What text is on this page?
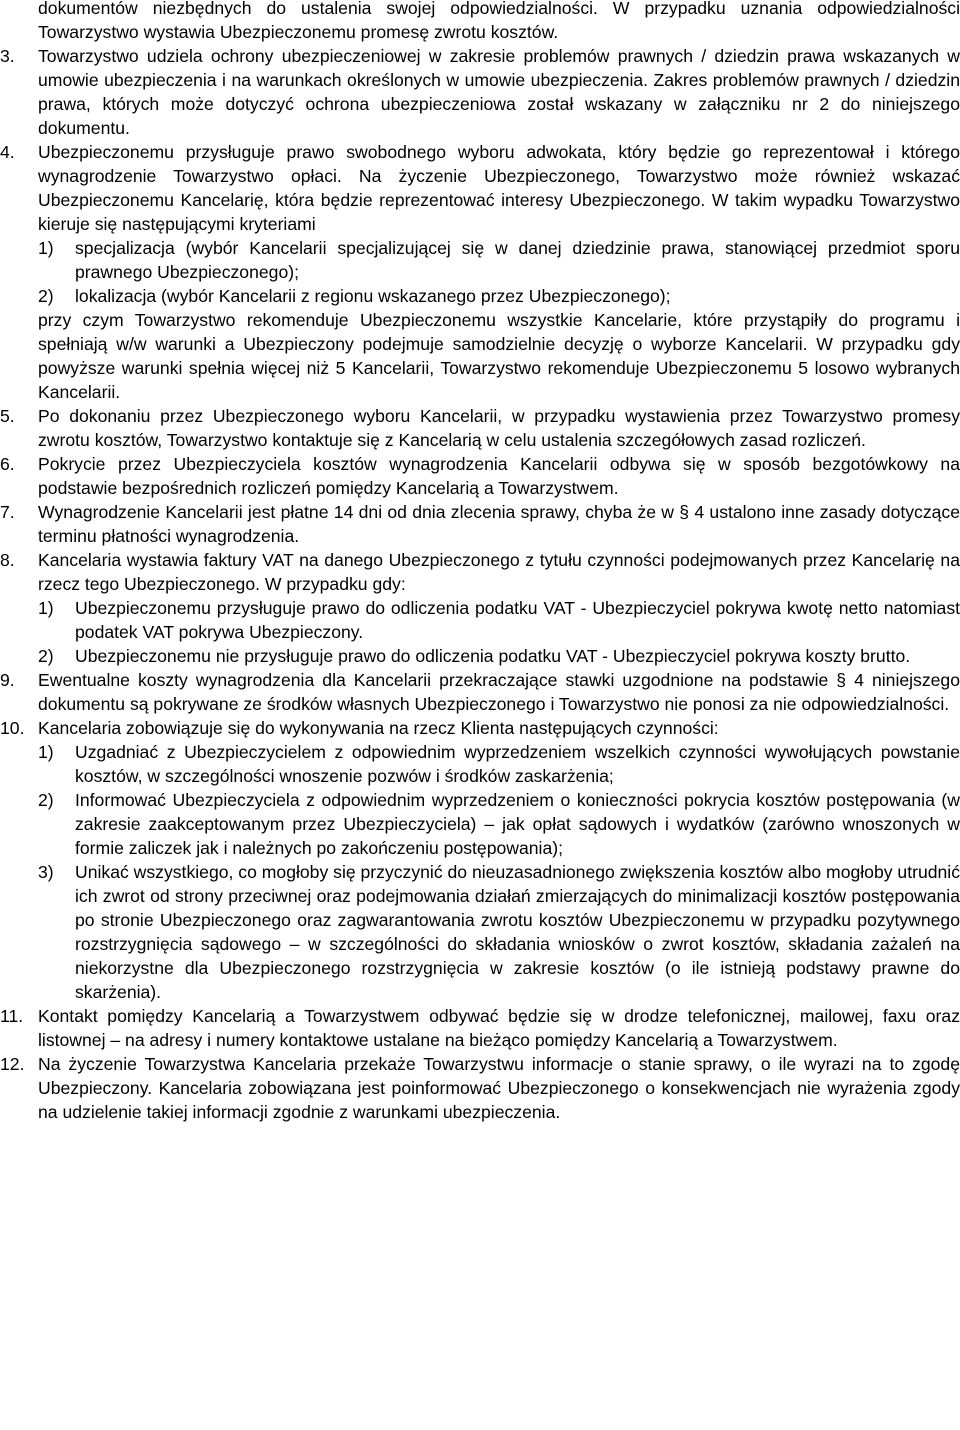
dokumentów niezbędnych do ustalenia swojej odpowiedzialności. W przypadku uznania odpowiedzialności Towarzystwo wystawia Ubezpieczonemu promesę zwrotu kosztów.

3. Towarzystwo udziela ochrony ubezpieczeniowej w zakresie problemów prawnych / dziedzin prawa wskazanych w umowie ubezpieczenia i na warunkach określonych w umowie ubezpieczenia. Zakres problemów prawnych / dziedzin prawa, których może dotyczyć ochrona ubezpieczeniowa został wskazany w załączniku nr 2 do niniejszego dokumentu.

4. Ubezpieczonemu przysługuje prawo swobodnego wyboru adwokata, który będzie go reprezentował i którego wynagrodzenie Towarzystwo opłaci. Na życzenie Ubezpieczonego, Towarzystwo może również wskazać Ubezpieczonemu Kancelarię, która będzie reprezentować interesy Ubezpieczonego. W takim wypadku Towarzystwo kieruje się następującymi kryteriami

1) specjalizacja (wybór Kancelarii specjalizującej się w danej dziedzinie prawa, stanowiącej przedmiot sporu prawnego Ubezpieczonego);

2) lokalizacja (wybór Kancelarii z regionu wskazanego przez Ubezpieczonego);

przy czym Towarzystwo rekomenduje Ubezpieczonemu wszystkie Kancelarie, które przystąpiły do programu i spełniają w/w warunki a Ubezpieczony podejmuje samodzielnie decyzję o wyborze Kancelarii. W przypadku gdy powyższe warunki spełnia więcej niż 5 Kancelarii, Towarzystwo rekomenduje Ubezpieczonemu 5 losowo wybranych Kancelarii.

5. Po dokonaniu przez Ubezpieczonego wyboru Kancelarii, w przypadku wystawienia przez Towarzystwo promesy zwrotu kosztów, Towarzystwo kontaktuje się z Kancelarią w celu ustalenia szczegółowych zasad rozliczeń.

6. Pokrycie przez Ubezpieczyciela kosztów wynagrodzenia Kancelarii odbywa się w sposób bezgotówkowy na podstawie bezpośrednich rozliczeń pomiędzy Kancelarią a Towarzystwem.

7. Wynagrodzenie Kancelarii jest płatne 14 dni od dnia zlecenia sprawy, chyba że w § 4 ustalono inne zasady dotyczące terminu płatności wynagrodzenia.

8. Kancelaria wystawia faktury VAT na danego Ubezpieczonego z tytułu czynności podejmowanych przez Kancelarię na rzecz tego Ubezpieczonego. W przypadku gdy:

1) Ubezpieczonemu przysługuje prawo do odliczenia podatku VAT - Ubezpieczyciel pokrywa kwotę netto natomiast podatek VAT pokrywa Ubezpieczony.

2) Ubezpieczonemu nie przysługuje prawo do odliczenia podatku VAT - Ubezpieczyciel pokrywa koszty brutto.

9. Ewentualne koszty wynagrodzenia dla Kancelarii przekraczające stawki uzgodnione na podstawie § 4 niniejszego dokumentu są pokrywane ze środków własnych Ubezpieczonego i Towarzystwo nie ponosi za nie odpowiedzialności.

10. Kancelaria zobowiązuje się do wykonywania na rzecz Klienta następujących czynności:

1) Uzgadniać z Ubezpieczycielem z odpowiednim wyprzedzeniem wszelkich czynności wywołujących powstanie kosztów, w szczególności wnoszenie pozwów i środków zaskarżenia;

2) Informować Ubezpieczyciela z odpowiednim wyprzedzeniem o konieczności pokrycia kosztów postępowania (w zakresie zaakceptowanym przez Ubezpieczyciela) – jak opłat sądowych i wydatków (zarówno wnoszonych w formie zaliczek jak i należnych po zakończeniu postępowania);

3) Unikać wszystkiego, co mogłoby się przyczynić do nieuzasadnionego zwiększenia kosztów albo mogłoby utrudnić ich zwrot od strony przeciwnej oraz podejmowania działań zmierzających do minimalizacji kosztów postępowania po stronie Ubezpieczonego oraz zagwarantowania zwrotu kosztów Ubezpieczonemu w przypadku pozytywnego rozstrzygnięcia sądowego – w szczególności do składania wniosków o zwrot kosztów, składania zażaleń na niekorzystne dla Ubezpieczonego rozstrzygnięcia w zakresie kosztów (o ile istnieją podstawy prawne do skarżenia).

11. Kontakt pomiędzy Kancelarią a Towarzystwem odbywać będzie się w drodze telefonicznej, mailowej, faxu oraz listownej – na adresy i numery kontaktowe ustalane na bieżąco pomiędzy Kancelarią a Towarzystwem.

12. Na życzenie Towarzystwa Kancelaria przekaże Towarzystwu informacje o stanie sprawy, o ile wyrazi na to zgodę Ubezpieczony. Kancelaria zobowiązana jest poinformować Ubezpieczonego o konsekwencjach nie wyrażenia zgody na udzielenie takiej informacji zgodnie z warunkami ubezpieczenia.
